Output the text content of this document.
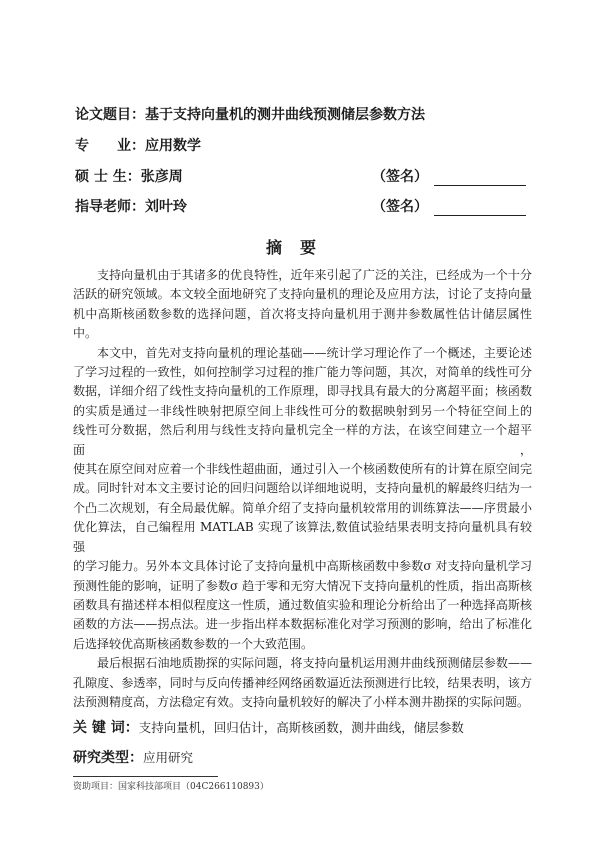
论文题目：基于支持向量机的测井曲线预测储层参数方法
专　　业：应用数学
硕 士 生：张彦周	（签名）
指导老师：刘叶玲	（签名）
摘要
支持向量机由于其诸多的优良特性，近年来引起了广泛的关注，已经成为一个十分
活跃的研究领域。本文较全面地研究了支持向量机的理论及应用方法，讨论了支持向量
机中高斯核函数参数的选择问题，首次将支持向量机用于测井参数属性估计储层属性
中。
本文中，首先对支持向量机的理论基础——统计学习理论作了一个概述，主要论述
了学习过程的一致性，如何控制学习过程的推广能力等问题，其次，对简单的线性可分
数据，详细介绍了线性支持向量机的工作原理，即寻找具有最大的分离超平面；核函数
的实质是通过一非线性映射把原空间上非线性可分的数据映射到另一个特征空间上的
线性可分数据，然后利用与线性支持向量机完全一样的方法，在该空间建立一个超平面，
使其在原空间对应着一个非线性超曲面，通过引入一个核函数使所有的计算在原空间完
成。同时针对本文主要讨论的回归问题给以详细地说明，支持向量机的解最终归结为一
个凸二次规划，有全局最优解。简单介绍了支持向量机较常用的训练算法——序贯最小
优化算法，自己编程用 MATLAB 实现了该算法,数值试验结果表明支持向量机具有较强
的学习能力。另外本文具体讨论了支持向量机中高斯核函数中参数σ 对支持向量机学习
预测性能的影响，证明了参数σ 趋于零和无穷大情况下支持向量机的性质，指出高斯核
函数具有描述样本相似程度这一性质，通过数值实验和理论分析给出了一种选择高斯核
函数的方法——拐点法。进一步指出样本数据标准化对学习预测的影响，给出了标准化
后选择较优高斯核函数参数的一个大致范围。
最后根据石油地质勘探的实际问题，将支持向量机运用测井曲线预测储层参数——
孔隙度、参透率，同时与反向传播神经网络函数逼近法预测进行比较，结果表明，该方
法预测精度高，方法稳定有效。支持向量机较好的解决了小样本测井勘探的实际问题。
关 键 词：支持向量机，回归估计，高斯核函数，测井曲线，储层参数
研究类型：应用研究
资助项目：国家科技部项目（04C266110893）
